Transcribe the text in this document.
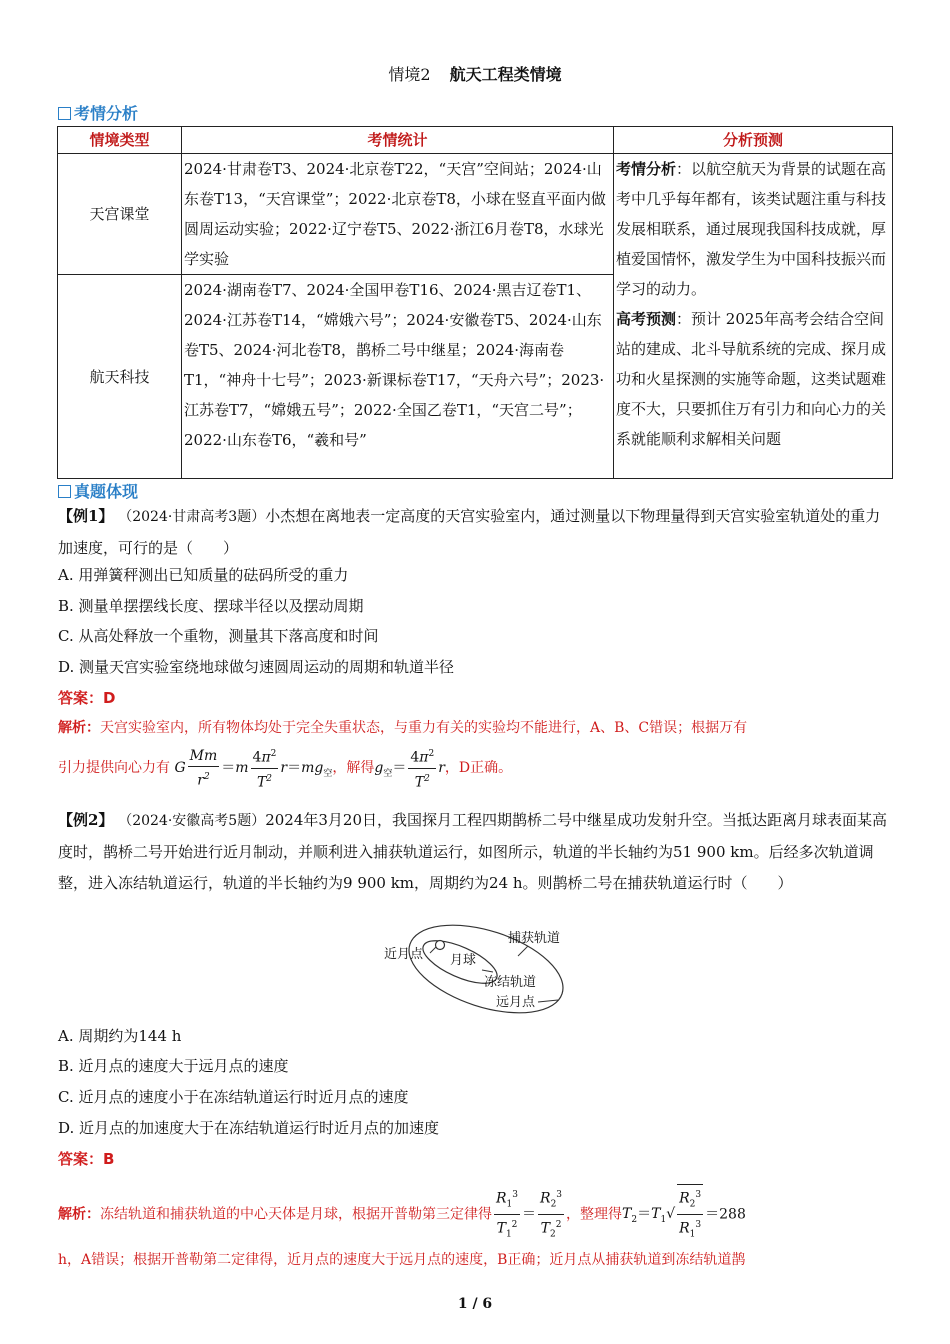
情境2 航天工程类情境
考情分析
情境类型	考情统计	分析预测
天宫课堂	2024·甘肃卷T3、2024·北京卷T22，“天宫”空间站；2024·山东卷T13，“天宫课堂”；2022·北京卷T8，小球在竖直平面内做圆周运动实验；2022·辽宁卷T5、2022·浙江6月卷T8，水球光学实验	考情分析：以航空航天为背景的试题在高考中几乎每年都有，该类试题注重与科技发展相联系，通过展现我国科技成就，厚植爱国情怀，激发学生为中国科技振兴而学习的动力。
高考预测：预计 2025年高考会结合空间站的建成、北斗导航系统的完成、探月成功和火星探测的实施等命题，这类试题难度不大，只要抓住万有引力和向心力的关系就能顺利求解相关问题
航天科技	2024·湖南卷T7、2024·全国甲卷T16、2024·黑吉辽卷T1、2024·江苏卷T14，“嫦娥六号”；2024·安徽卷T5、2024·山东卷T5、2024·河北卷T8，鹊桥二号中继星；2024·海南卷T1，“神舟十七号”；2023·新课标卷T17，“天舟六号”；2023·江苏卷T7，“嫦娥五号”；2022·全国乙卷T1，“天宫二号”；2022·山东卷T6，“羲和号”	
真题体现
【例1】 （2024·甘肃高考3题）小杰想在离地表一定高度的天宫实验室内，通过测量以下物理量得到天宫实验室轨道处的重力加速度，可行的是（　　）
A. 用弹簧秤测出已知质量的砝码所受的重力
B. 测量单摆摆线长度、摆球半径以及摆动周期
C. 从高处释放一个重物，测量其下落高度和时间
D. 测量天宫实验室绕地球做匀速圆周运动的周期和轨道半径
答案：D
解析：天宫实验室内，所有物体均处于完全失重状态，与重力有关的实验均不能进行，A、B、C错误；根据万有
引力提供向心力有 G $\frac{Mm}{r^2} =m \frac{4\pi^2}{T^2} r=mg_空$，解得$g_空= \frac{4\pi^2}{T^2}$ r，D正确。
【例2】 （2024·安徽高考5题）2024年3月20日，我国探月工程四期鹊桥二号中继星成功发射升空。当抵达距离月球表面某高度时，鹊桥二号开始进行近月制动，并顺利进入捕获轨道运行，如图所示，轨道的半长轴约为51 900 km。后经多次轨道调整，进入冻结轨道运行，轨道的半长轴约为9 900 km，周期约为24 h。则鹊桥二号在捕获轨道运行时（　　）
捕获轨道
近月点 月球
冻结轨道
远月点
A. 周期约为144 h
B. 近月点的速度大于远月点的速度
C. 近月点的速度小于在冻结轨道运行时近月点的速度
D. 近月点的加速度大于在冻结轨道运行时近月点的加速度
答案：B
解析：冻结轨道和捕获轨道的中心天体是月球，根据开普勒第三定律得 $\frac{R_1^3}{T_1^2} = \frac{R_2^3}{T_2^2}$ ，整理得$T_2=T_1√ \frac{R_2^3}{R_1^3} =288$
h，A错误；根据开普勒第二定律得，近月点的速度大于远月点的速度，B正确；近月点从捕获轨道到冻结轨道鹊
1 / 6
